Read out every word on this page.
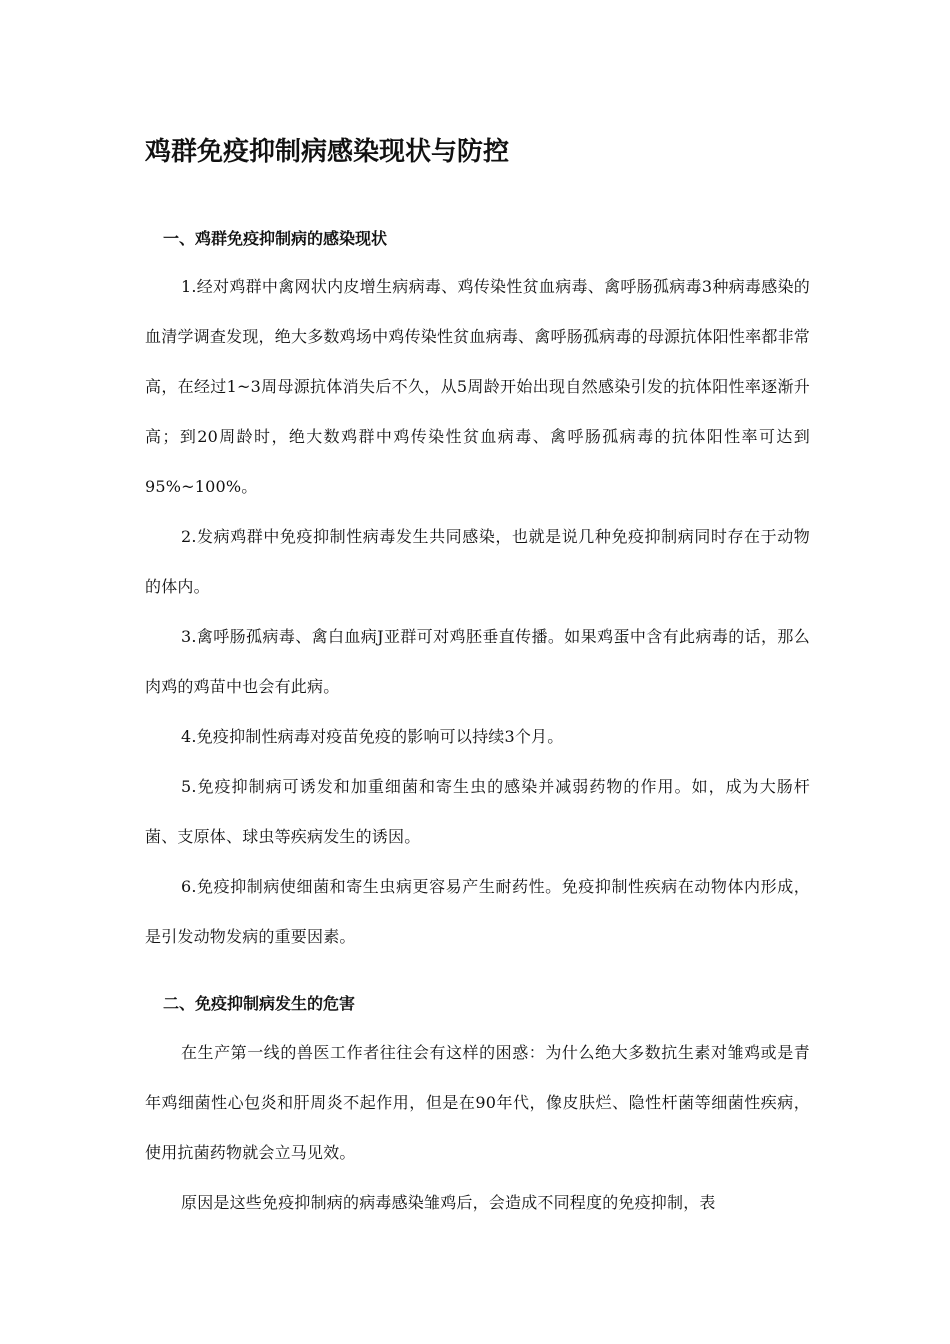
鸡群免疫抑制病感染现状与防控
一、鸡群免疫抑制病的感染现状

1.经对鸡群中禽网状内皮增生病病毒、鸡传染性贫血病毒、禽呼肠孤病毒3种病毒感染的血清学调查发现，绝大多数鸡场中鸡传染性贫血病毒、禽呼肠孤病毒的母源抗体阳性率都非常高，在经过1~3周母源抗体消失后不久，从5周龄开始出现自然感染引发的抗体阳性率逐渐升高；到20周龄时，绝大数鸡群中鸡传染性贫血病毒、禽呼肠孤病毒的抗体阳性率可达到95%~100%。

2.发病鸡群中免疫抑制性病毒发生共同感染，也就是说几种免疫抑制病同时存在于动物的体内。

3.禽呼肠孤病毒、禽白血病J亚群可对鸡胚垂直传播。如果鸡蛋中含有此病毒的话，那么肉鸡的鸡苗中也会有此病。

4.免疫抑制性病毒对疫苗免疫的影响可以持续3个月。

5.免疫抑制病可诱发和加重细菌和寄生虫的感染并减弱药物的作用。如，成为大肠杆菌、支原体、球虫等疾病发生的诱因。

6.免疫抑制病使细菌和寄生虫病更容易产生耐药性。免疫抑制性疾病在动物体内形成，是引发动物发病的重要因素。

二、免疫抑制病发生的危害

在生产第一线的兽医工作者往往会有这样的困惑：为什么绝大多数抗生素对雏鸡或是青年鸡细菌性心包炎和肝周炎不起作用，但是在90年代，像皮肤烂、隐性杆菌等细菌性疾病，使用抗菌药物就会立马见效。

原因是这些免疫抑制病的病毒感染雏鸡后，会造成不同程度的免疫抑制，表
